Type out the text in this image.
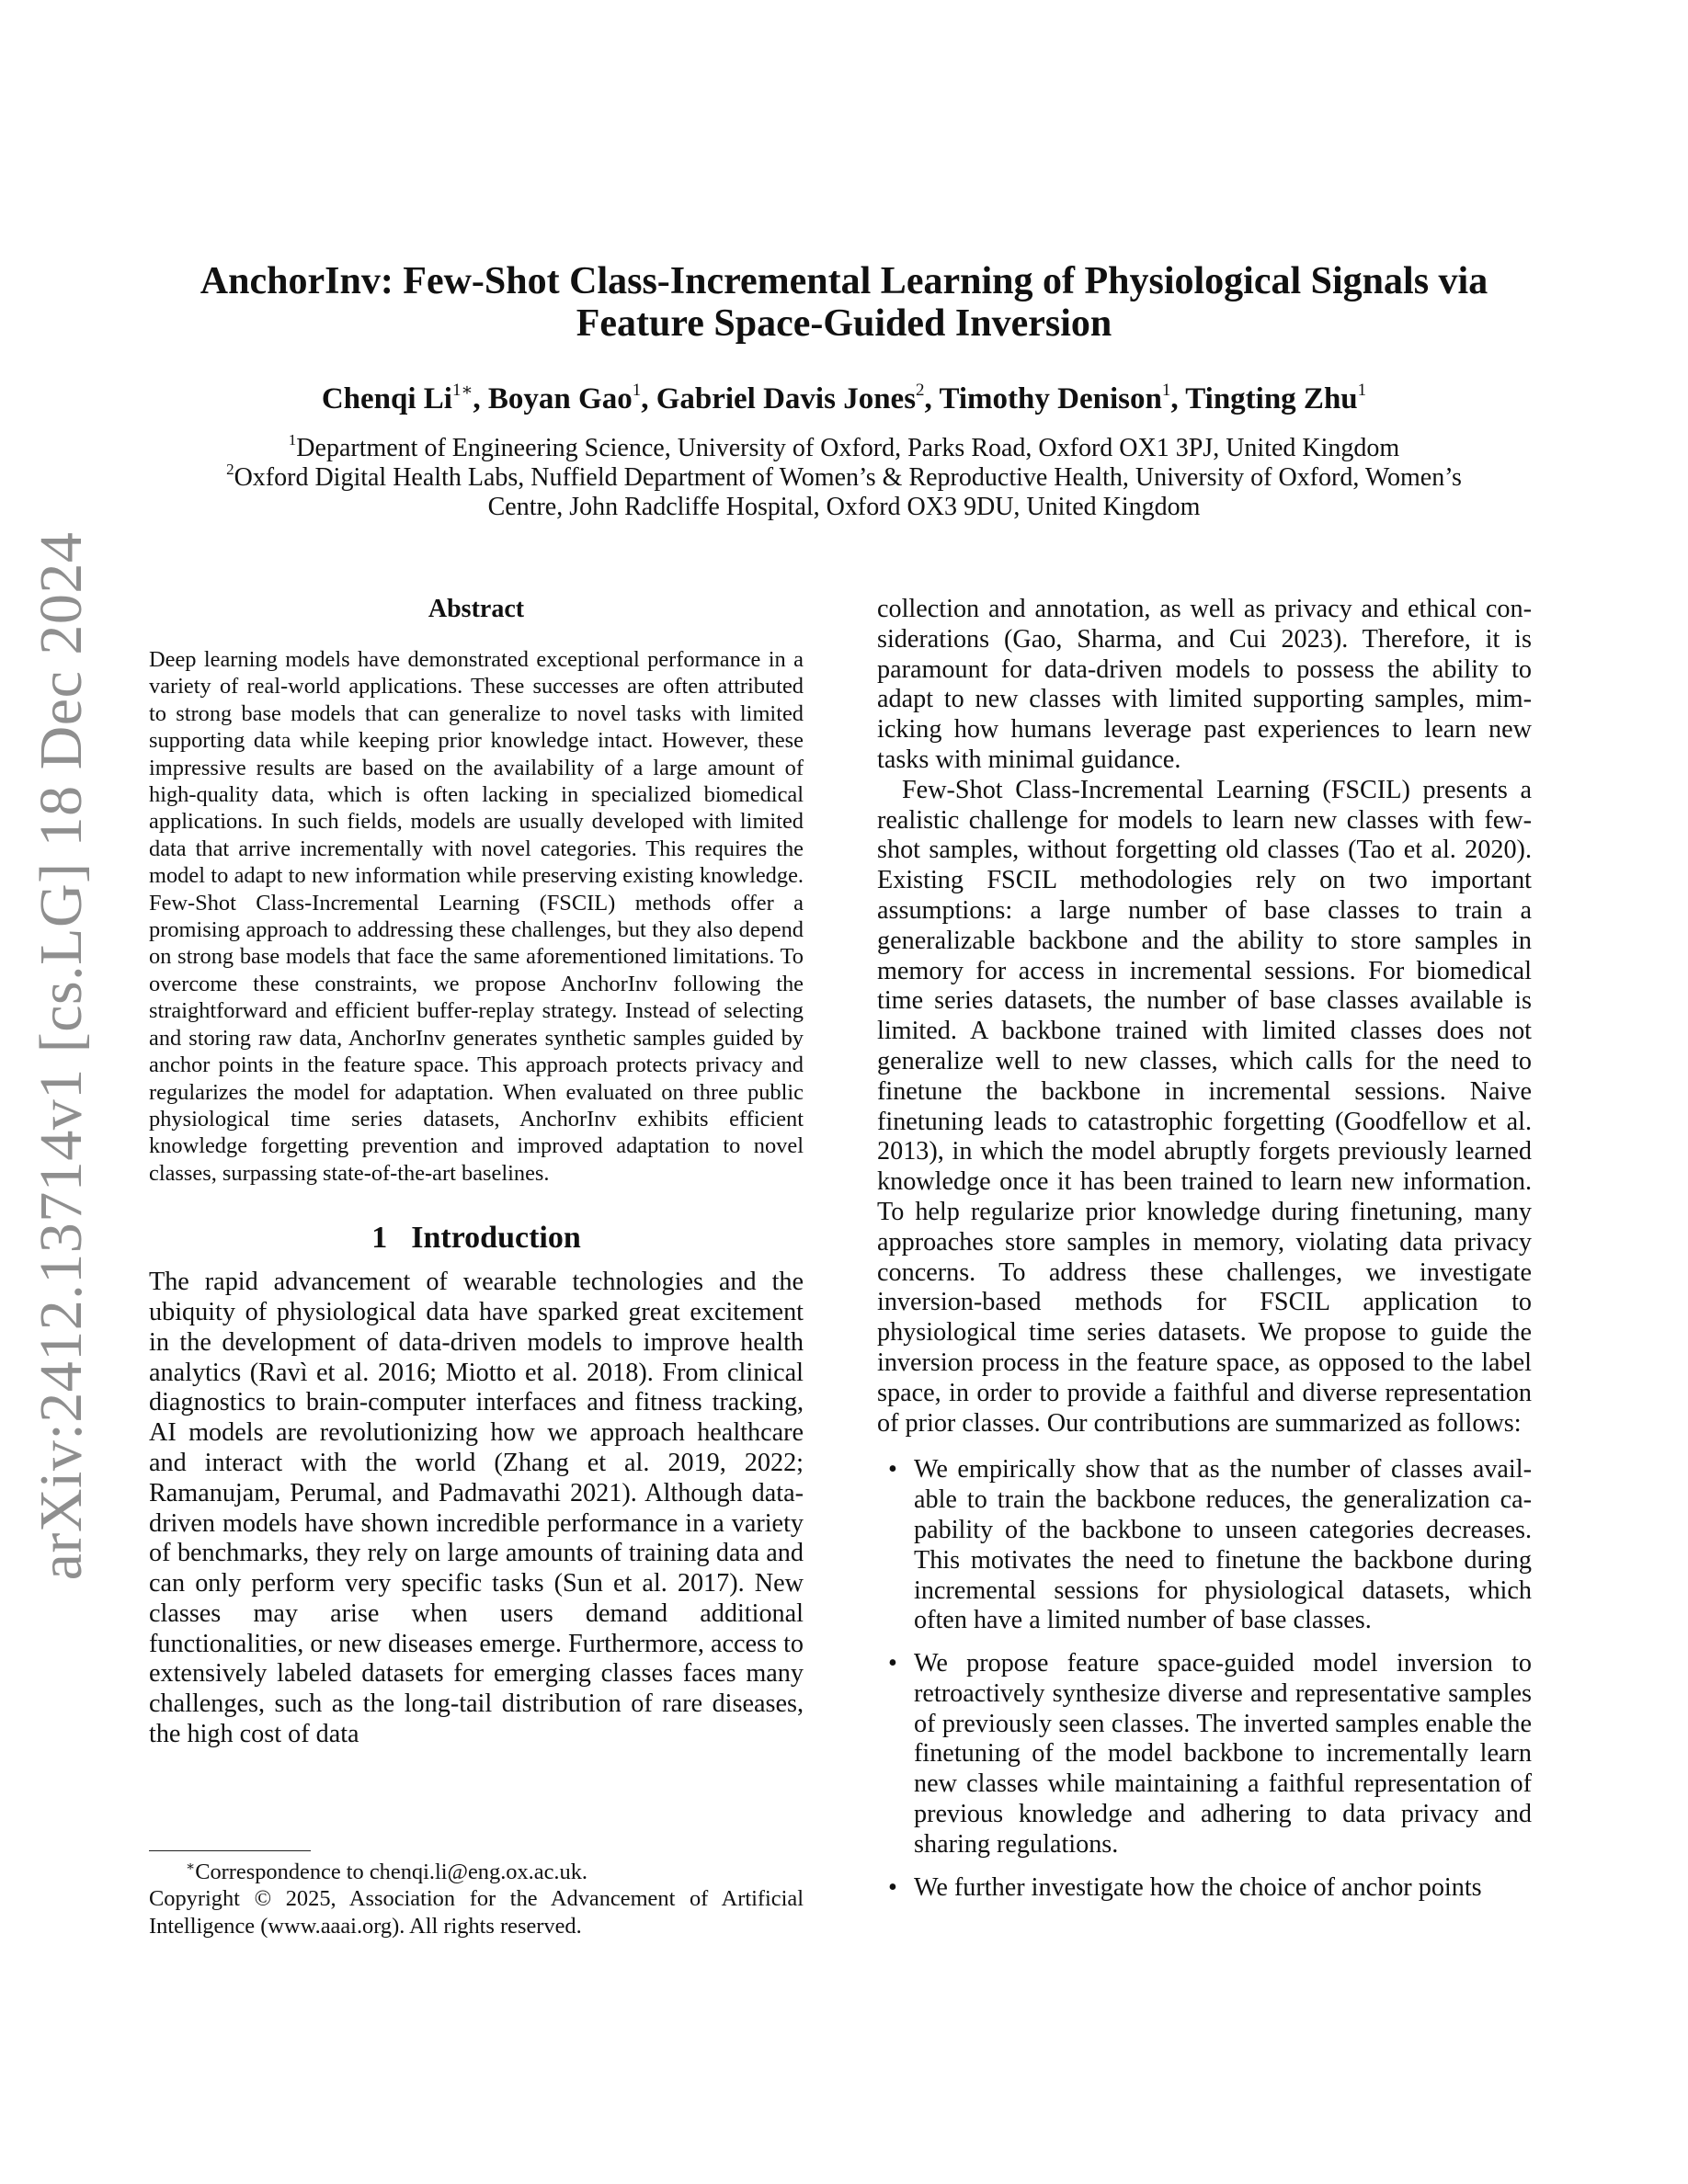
arXiv:2412.13714v1 [cs.LG] 18 Dec 2024
AnchorInv: Few-Shot Class-Incremental Learning of Physiological Signals via
Feature Space-Guided Inversion
Chenqi $Li^{1∗}$, Boyan Gao$^1$, Gabriel Davis Jones$^2$, Timothy Denison$^1$, Tingting Zhu$^1$
$^1$Department of Engineering Science, University of Oxford, Parks Road, Oxford OX1 3PJ, United Kingdom
$^2$Oxford Digital Health Labs, Nuffield Department of Women’s & Reproductive Health, University of Oxford, Women’s
Centre, John Radcliffe Hospital, Oxford OX3 9DU, United Kingdom
Abstract

Deep learning models have demonstrated exceptional performance in a variety of real-world applications. These successes are often attributed to strong base models that can generalize to novel tasks with limited supporting data while keeping prior knowledge intact. However, these impressive results are based on the availability of a large amount of high-quality data, which is often lacking in specialized biomedical applications. In such fields, models are usually developed with limited data that arrive incrementally with novel categories. This requires the model to adapt to new information while preserving existing knowledge. Few-Shot Class-Incremental Learning (FSCIL) methods offer a promising approach to addressing these challenges, but they also depend on strong base models that face the same aforementioned limitations. To overcome these constraints, we propose AnchorInv following the straightforward and efficient buffer-replay strategy. Instead of selecting and storing raw data, AnchorInv generates synthetic samples guided by anchor points in the feature space. This approach protects privacy and regularizes the model for adaptation. When evaluated on three public physiological time series datasets, AnchorInv exhibits efficient knowledge forgetting prevention and improved adaptation to novel classes, surpassing state-of-the-art baselines.

1 Introduction

The rapid advancement of wearable technologies and the ubiquity of physiological data have sparked great excitement in the development of data-driven models to improve health analytics (Ravì et al. 2016; Miotto et al. 2018). From clinical diagnostics to brain-computer interfaces and fitness tracking, AI models are revolutionizing how we approach healthcare and interact with the world (Zhang et al. 2019, 2022; Ramanujam, Perumal, and Padmavathi 2021). Although data-driven models have shown incredible performance in a variety of benchmarks, they rely on large amounts of training data and can only perform very specific tasks (Sun et al. 2017). New classes may arise when users demand additional functionalities, or new diseases emerge. Furthermore, access to extensively labeled datasets for emerging classes faces many challenges, such as the long-tail distribution of rare diseases, the high cost of data

∗Correspondence to chenqi.li@eng.ox.ac.uk.

Copyright © 2025, Association for the Advancement of Artificial Intelligence (www.aaai.org). All rights reserved.

collection and annotation, as well as privacy and ethical considerations (Gao, Sharma, and Cui 2023). Therefore, it is paramount for data-driven models to possess the ability to adapt to new classes with limited supporting samples, mimicking how humans leverage past experiences to learn new tasks with minimal guidance.

Few-Shot Class-Incremental Learning (FSCIL) presents a realistic challenge for models to learn new classes with few-shot samples, without forgetting old classes (Tao et al. 2020). Existing FSCIL methodologies rely on two important assumptions: a large number of base classes to train a generalizable backbone and the ability to store samples in memory for access in incremental sessions. For biomedical time series datasets, the number of base classes available is limited. A backbone trained with limited classes does not generalize well to new classes, which calls for the need to finetune the backbone in incremental sessions. Naive finetuning leads to catastrophic forgetting (Goodfellow et al. 2013), in which the model abruptly forgets previously learned knowledge once it has been trained to learn new information. To help regularize prior knowledge during finetuning, many approaches store samples in memory, violating data privacy concerns. To address these challenges, we investigate inversion-based methods for FSCIL application to physiological time series datasets. We propose to guide the inversion process in the feature space, as opposed to the label space, in order to provide a faithful and diverse representation of prior classes. Our contributions are summarized as follows:

• We empirically show that as the number of classes available to train the backbone reduces, the generalization capability of the backbone to unseen categories decreases. This motivates the need to finetune the backbone during incremental sessions for physiological datasets, which often have a limited number of base classes.
• We propose feature space-guided model inversion to retroactively synthesize diverse and representative samples of previously seen classes. The inverted samples enable the finetuning of the model backbone to incrementally learn new classes while maintaining a faithful representation of previous knowledge and adhering to data privacy and sharing regulations.
• We further investigate how the choice of anchor points
